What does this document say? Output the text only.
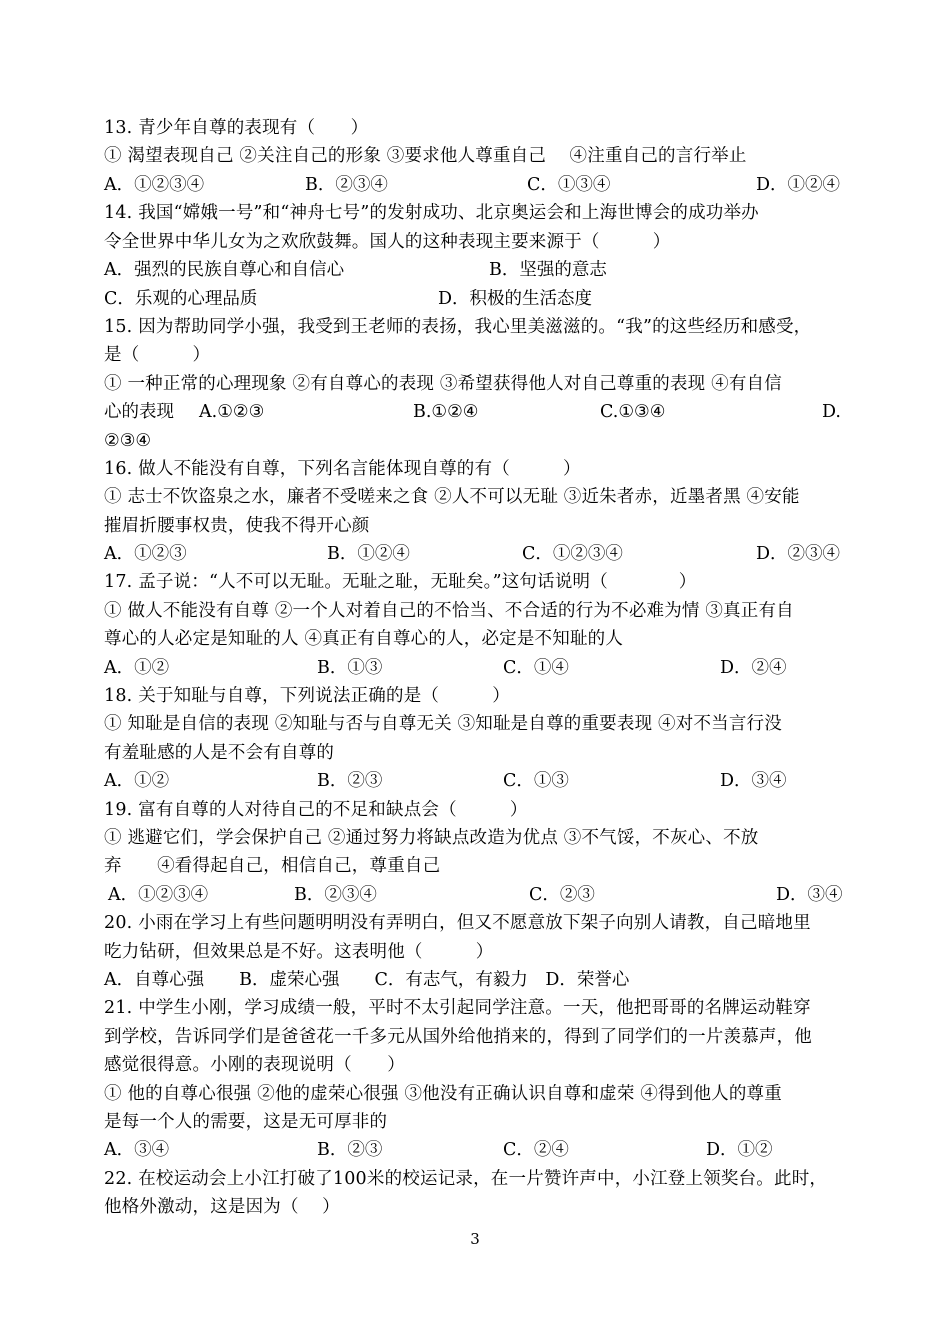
13. 青少年自尊的表现有（　　）
① 渴望表现自己 ②关注自己的形象 ③要求他人尊重自己　 ④注重自己的言行举止
A．①②③④	B．②③④	C．①③④	D．①②④
14. 我国“嫦娥一号”和“神舟七号”的发射成功、北京奥运会和上海世博会的成功举办
令全世界中华儿女为之欢欣鼓舞。国人的这种表现主要来源于（　　　）
A．强烈的民族自尊心和自信心	B．坚强的意志
C．乐观的心理品质	D．积极的生活态度
15. 因为帮助同学小强，我受到王老师的表扬，我心里美滋滋的。“我”的这些经历和感受，
是（　　　）
① 一种正常的心理现象 ②有自尊心的表现 ③希望获得他人对自己尊重的表现 ④有自信
心的表现 A.①②③	B.①②④	C.①③④	D.
②③④
16. 做人不能没有自尊，下列名言能体现自尊的有（　　　）
① 志士不饮盗泉之水，廉者不受嗟来之食 ②人不可以无耻 ③近朱者赤，近墨者黑 ④安能
摧眉折腰事权贵，使我不得开心颜
A．①②③	B．①②④	C．①②③④	D．②③④
17. 孟子说：“人不可以无耻。无耻之耻，无耻矣。”这句话说明（　　　　）
① 做人不能没有自尊 ②一个人对着自己的不恰当、不合适的行为不必难为情 ③真正有自
尊心的人必定是知耻的人 ④真正有自尊心的人，必定是不知耻的人
A．①②	B．①③	C．①④	D．②④
18. 关于知耻与自尊，下列说法正确的是（　　　）
① 知耻是自信的表现 ②知耻与否与自尊无关 ③知耻是自尊的重要表现 ④对不当言行没
有羞耻感的人是不会有自尊的
A．①②	B．②③	C．①③	D．③④
19. 富有自尊的人对待自己的不足和缺点会（　　　）
① 逃避它们，学会保护自己 ②通过努力将缺点改造为优点 ③不气馁，不灰心、不放
弃　　④看得起自己，相信自己，尊重自己
A．①②③④	B．②③④	C．②③	D．③④
20. 小雨在学习上有些问题明明没有弄明白，但又不愿意放下架子向别人请教，自己暗地里
吃力钻研，但效果总是不好。这表明他（　　　）
A．自尊心强　　B．虚荣心强　　C．有志气，有毅力　D．荣誉心
21. 中学生小刚，学习成绩一般，平时不太引起同学注意。一天，他把哥哥的名牌运动鞋穿
到学校，告诉同学们是爸爸花一千多元从国外给他捎来的，得到了同学们的一片羡慕声，他
感觉很得意。小刚的表现说明（　　）
① 他的自尊心很强 ②他的虚荣心很强 ③他没有正确认识自尊和虚荣 ④得到他人的尊重
是每一个人的需要，这是无可厚非的
A．③④	B．②③	C．②④	D．①②
22. 在校运动会上小江打破了100米的校运记录，在一片赞许声中，小江登上领奖台。此时，
他格外激动，这是因为（　 ）
3
